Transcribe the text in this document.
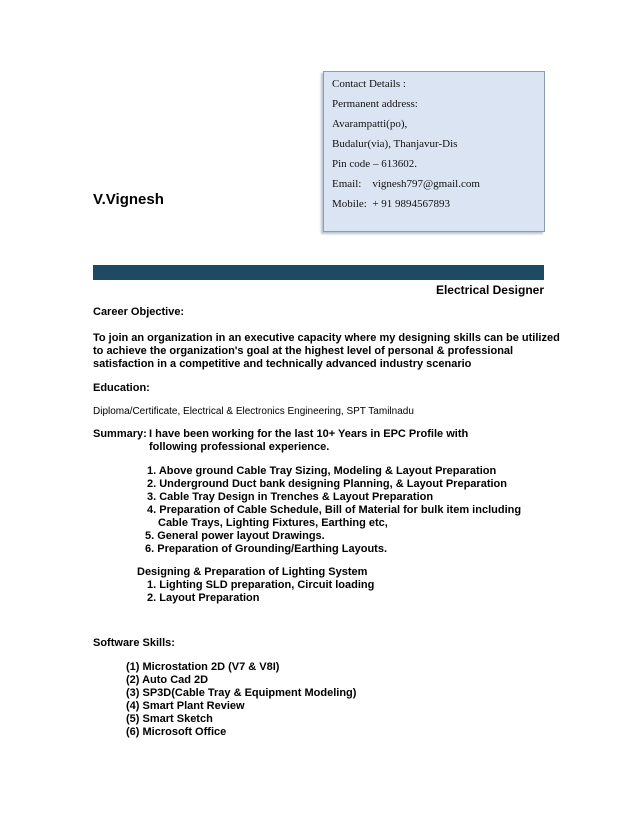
Contact Details :
Permanent address:
Avarampatti(po),
Budalur(via), Thanjavur-Dis
Pin code – 613602.
Email:    vignesh797@gmail.com
Mobile:  + 91 9894567893
V.Vignesh
Electrical Designer
Career Objective:
To join an organization in an executive capacity where my designing skills can be utilized
to achieve the organization's goal at the highest level of personal & professional
satisfaction in a competitive and technically advanced industry scenario
Education:
Diploma/Certificate, Electrical & Electronics Engineering, SPT Tamilnadu
Summary: I have been working for the last 10+ Years in EPC Profile with
following professional experience.
1. Above ground Cable Tray Sizing, Modeling & Layout Preparation
2. Underground Duct bank designing Planning, & Layout Preparation
3. Cable Tray Design in Trenches & Layout Preparation
4. Preparation of Cable Schedule, Bill of Material for bulk item including
Cable Trays, Lighting Fixtures, Earthing etc,
5. General power layout Drawings.
6. Preparation of Grounding/Earthing Layouts.
Designing & Preparation of Lighting System
1. Lighting SLD preparation, Circuit loading
2. Layout Preparation
Software Skills:
(1) Microstation 2D (V7 & V8I)
(2) Auto Cad 2D
(3) SP3D(Cable Tray & Equipment Modeling)
(4) Smart Plant Review
(5) Smart Sketch
(6) Microsoft Office
